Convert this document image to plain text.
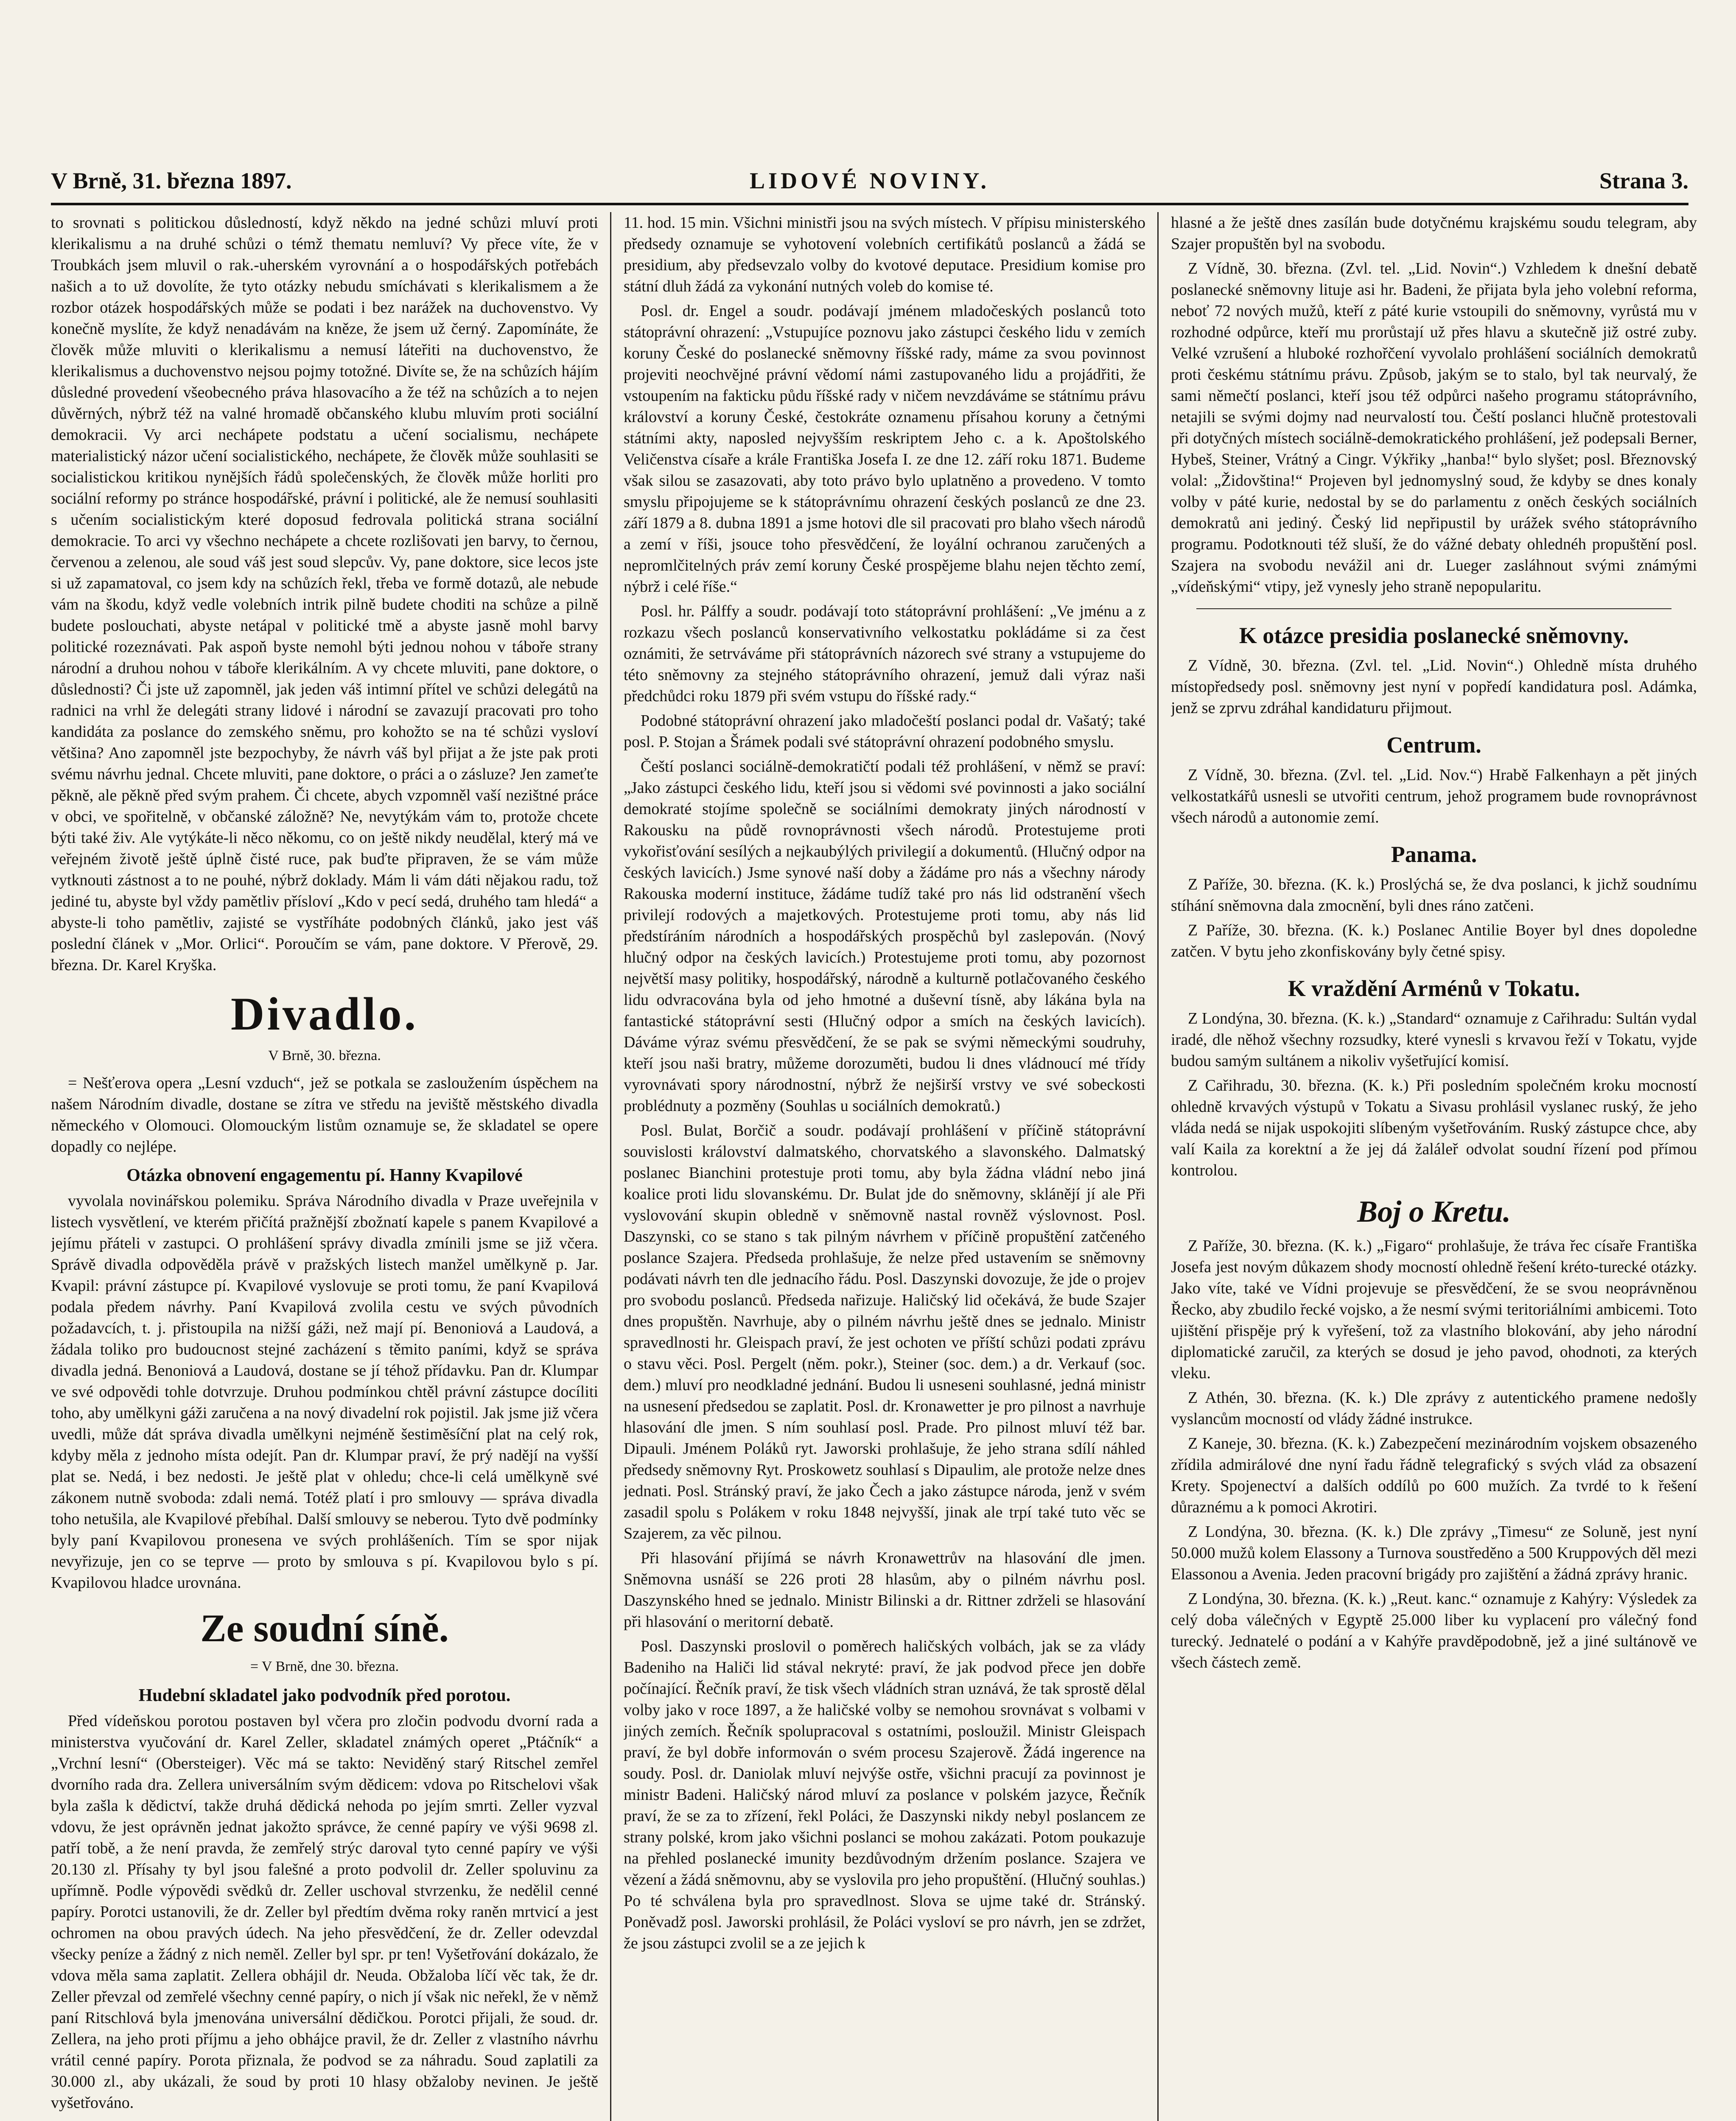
V Brně, 31. března 1897.	LIDOVÉ NOVINY.	Strana 3.

to srovnati s politickou důsledností, když někdo na jedné schůzi mluví proti klerikalismu a na druhé schůzi o témž thematu nemluví? Vy přece víte, že v Troubkách jsem mluvil o rak.-uherském vyrovnání a o hospodářských potřebách našich a to už dovolíte, že tyto otázky nebudu smíchávati s klerikalismem a že rozbor otázek hospodářských může se podati i bez narážek na duchovenstvo. Vy konečně myslíte, že když nenadávám na kněze, že jsem už černý. Zapomínáte, že člověk může mluviti o klerikalismu a nemusí láteřiti na duchovenstvo, že klerikalismus a duchovenstvo nejsou pojmy totožné. Divíte se, že na schůzích hájím důsledné provedení všeobecného práva hlasovacího a že též na schůzích a to nejen důvěrných, nýbrž též na valné hromadě občanského klubu mluvím proti sociální demokracii. Vy arci nechápete podstatu a učení socialismu, nechápete materialistický názor učení socialistického, nechápete, že člověk může souhlasiti se socialistickou kritikou nynějších řádů společenských, že člověk může horliti pro sociální reformy po stránce hospodářské, právní i politické, ale že nemusí souhlasiti s učením socialistickým které doposud fedrovala politická strana sociální demokracie. To arci vy všechno nechápete a chcete rozlišovati jen barvy, to černou, červenou a zelenou, ale soud váš jest soud slepcův. Vy, pane doktore, sice lecos jste si už zapamatoval, co jsem kdy na schůzích řekl, třeba ve formě dotazů, ale nebude vám na škodu, když vedle volebních intrik pilně budete choditi na schůze a pilně budete poslouchati, abyste netápal v politické tmě a abyste jasně mohl barvy politické rozeznávati. Pak aspoň byste nemohl býti jednou nohou v táboře strany národní a druhou nohou v táboře klerikálním. A vy chcete mluviti, pane doktore, o důslednosti? Či jste už zapomněl, jak jeden váš intimní přítel ve schůzi delegátů na radnici na vrhl že delegáti strany lidové i národní se zavazují pracovati pro toho kandidáta za poslance do zemského sněmu, pro kohožto se na té schůzi vysloví většina? Ano zapomněl jste bezpochyby, že návrh váš byl přijat a že jste pak proti svému návrhu jednal. Chcete mluviti, pane doktore, o práci a o zásluze? Jen zameťte pěkně, ale pěkně před svým prahem. Či chcete, abych vzpomněl vaší nezištné práce v obci, ve spořitelně, v občanské záložně? Ne, nevytýkám vám to, protože chcete býti také živ. Ale vytýkáte-li něco někomu, co on ještě nikdy neudělal, který má ve veřejném životě ještě úplně čisté ruce, pak buďte připraven, že se vám může vytknouti zástnost a to ne pouhé, nýbrž doklady. Mám li vám dáti nějakou radu, tož jediné tu, abyste byl vždy pamětliv přísloví „Kdo v pecí sedá, druhého tam hledá“ a abyste-li toho pamětliv, zajisté se vystříháte podobných článků, jako jest váš poslední článek v „Mor. Orlici“. Poroučím se vám, pane doktore. V Přerově, 29. března. Dr. Karel Kryška.

Divadlo.
V Brně, 30. března.

= Nešťerova opera „Lesní vzduch“, jež se potkala se zasloužením úspěchem na našem Národním divadle, dostane se zítra ve středu na jeviště městského divadla německého v Olomouci. Olomouckým listům oznamuje se, že skladatel se opere dopadly co nejlépe.

Otázka obnovení engagementu pí. Hanny Kvapilové

vyvolala novinářskou polemiku. Správa Národního divadla v Praze uveřejnila v listech vysvětlení, ve kterém přičítá pražnější zbožnatí kapele s panem Kvapilové a jejímu přáteli v zastupci. O prohlášení správy divadla zmínili jsme se již včera. Správě divadla odpověděla právě v pražských listech manžel umělkyně p. Jar. Kvapil: právní zástupce pí. Kvapilové vyslovuje se proti tomu, že paní Kvapilová podala předem návrhy. Paní Kvapilová zvolila cestu ve svých původních požadavcích, t. j. přistoupila na nižší gáži, než mají pí. Benoniová a Laudová, a žádala toliko pro budoucnost stejné zacházení s těmito paními, když se správa divadla jedná. Benoniová a Laudová, dostane se jí téhož přídavku. Pan dr. Klumpar ve své odpovědi tohle dotvrzuje. Druhou podmínkou chtěl právní zástupce docíliti toho, aby umělkyni gáži zaručena a na nový divadelní rok pojistil. Jak jsme již včera uvedli, může dát správa divadla umělkyni nejméně šestiměsíční plat na celý rok, kdyby měla z jednoho místa odejít. Pan dr. Klumpar praví, že prý nadějí na vyšší plat se. Nedá, i bez nedosti. Je ještě plat v ohledu; chce-li celá umělkyně své zákonem nutně svoboda: zdali nemá. Totéž platí i pro smlouvy — správa divadla toho netušila, ale Kvapilové přebíhal. Další smlouvy se neberou. Tyto dvě podmínky byly paní Kvapilovou pronesena ve svých prohlášeních. Tím se spor nijak nevyřizuje, jen co se teprve — proto by smlouva s pí. Kvapilovou bylo s pí. Kvapilovou hladce urovnána.

Ze soudní síně.
= V Brně, dne 30. března.
Hudební skladatel jako podvodník před porotou.

Před vídeňskou porotou postaven byl včera pro zločin podvodu dvorní rada a ministerstva vyučování dr. Karel Zeller, skladatel známých operet „Ptáčník“ a „Vrchní lesní“ (Obersteiger). Věc má se takto: Neviděný starý Ritschel zemřel dvorního rada dra. Zellera universálním svým dědicem: vdova po Ritschelovi však byla zašla k dědictví, takže druhá dědická nehoda po jejím smrti. Zeller vyzval vdovu, že jest oprávněn jednat jakožto správce, že cenné papíry ve výši 9698 zl. patří tobě, a že není pravda, že zemřelý strýc daroval tyto cenné papíry ve výši 20.130 zl. Přísahy ty byl jsou falešné a proto podvolil dr. Zeller spoluvinu za upřímně. Podle výpovědi svědků dr. Zeller uschoval stvrzenku, že nedělil cenné papíry. Porotci ustanovili, že dr. Zeller byl předtím dvěma roky raněn mrtvicí a jest ochromen na obou pravých údech. Na jeho přesvědčení, že dr. Zeller odevzdal všecky peníze a žádný z nich neměl. Zeller byl spr. pr ten! Vyšetřování dokázalo, že vdova měla sama zaplatit. Zellera obhájil dr. Neuda. Obžaloba líčí věc tak, že dr. Zeller převzal od zemřelé všechny cenné papíry, o nich jí však nic neřekl, že v němž paní Ritschlová byla jmenována universální dědičkou. Porotci přijali, že soud. dr. Zellera, na jeho proti příjmu a jeho obhájce pravil, že dr. Zeller z vlastního návrhu vrátil cenné papíry. Porota přiznala, že podvod se za náhradu. Soud zaplatili za 30.000 zl., aby ukázali, že soud by proti 10 hlasy obžaloby nevinen. Je ještě vyšetřováno.

11. hod. 15 min. Všichni ministři jsou na svých místech. V přípisu ministerského předsedy oznamuje se vyhotovení volebních certifikátů poslanců a žádá se presidium, aby předsevzalo volby do kvotové deputace. Presidium komise pro státní dluh žádá za vykonání nutných voleb do komise té.

Posl. dr. Engel a soudr. podávají jménem mladočeských poslanců toto státoprávní ohrazení: „Vstupujíce poznovu jako zástupci českého lidu v zemích koruny České do poslanecké sněmovny říšské rady, máme za svou povinnost projeviti neochvějné právní vědomí námi zastupovaného lidu a projádřiti, že vstoupením na fakticku půdu říšské rady v ničem nevzdáváme se státnímu právu království a koruny České, čestokráte oznamenu přísahou koruny a četnými státními akty, naposled nejvyšším reskriptem Jeho c. a k. Apoštolského Veličenstva císaře a krále Františka Josefa I. ze dne 12. září roku 1871. Budeme však silou se zasazovati, aby toto právo bylo uplatněno a provedeno. V tomto smyslu připojujeme se k státoprávnímu ohrazení českých poslanců ze dne 23. září 1879 a 8. dubna 1891 a jsme hotovi dle sil pracovati pro blaho všech národů a zemí v říši, jsouce toho přesvědčení, že loyální ochranou zaručených a nepromlčitelných práv zemí koruny České prospějeme blahu nejen těchto zemí, nýbrž i celé říše.“

Posl. hr. Pálffy a soudr. podávají toto státoprávní prohlášení: „Ve jménu a z rozkazu všech poslanců konservativního velkostatku pokládáme si za čest oznámiti, že setrváváme při státoprávních názorech své strany a vstupujeme do této sněmovny za stejného státoprávního ohrazení, jemuž dali výraz naši předchůdci roku 1879 při svém vstupu do říšské rady.“

Podobné státoprávní ohrazení jako mladočeští poslanci podal dr. Vašatý; také posl. P. Stojan a Šrámek podali své státoprávní ohrazení podobného smyslu.

Čeští poslanci sociálně-demokratičtí podali též prohlášení, v němž se praví: „Jako zástupci českého lidu, kteří jsou si vědomi své povinnosti a jako sociální demokraté stojíme společně se sociálními demokraty jiných národností v Rakousku na půdě rovnoprávnosti všech národů. Protestujeme proti vykořisťování sesílých a nejkaubýlých privilegií a dokumentů. (Hlučný odpor na českých lavicích.) Jsme synové naší doby a žádáme pro nás a všechny národy Rakouska moderní instituce, žádáme tudíž také pro nás lid odstranění všech privilejí rodových a majetkových. Protestujeme proti tomu, aby nás lid předstíráním národních a hospodářských prospěchů byl zaslepován. (Nový hlučný odpor na českých lavicích.) Protestujeme proti tomu, aby pozornost největší masy politiky, hospodářský, národně a kulturně potlačovaného českého lidu odvracována byla od jeho hmotné a duševní tísně, aby lákána byla na fantastické státoprávní sesti (Hlučný odpor a smích na českých lavicích). Dáváme výraz svému přesvědčení, že se pak se svými německými soudruhy, kteří jsou naši bratry, můžeme dorozuměti, budou li dnes vládnoucí mé třídy vyrovnávati spory národnostní, nýbrž že nejširší vrstvy ve své sobeckosti problédnuty a pozměny (Souhlas u sociálních demokratů.)

Posl. Bulat, Borčič a soudr. podávají prohlášení v příčině státoprávní souvislosti království dalmatského, chorvatského a slavonského. Dalmatský poslanec Bianchini protestuje proti tomu, aby byla žádna vládní nebo jiná koalice proti lidu slovanskému. Dr. Bulat jde do sněmovny, sklánějí jí ale Při vyslovování skupin obledně v sněmovně nastal rovněž výslovnost. Posl. Daszynski, co se stano s tak pilným návrhem v příčině propuštění zatčeného poslance Szajera. Předseda prohlašuje, že nelze před ustavením se sněmovny podávati návrh ten dle jednacího řádu. Posl. Daszynski dovozuje, že jde o projev pro svobodu poslanců. Předseda nařizuje. Haličský lid očekává, že bude Szajer dnes propuštěn. Navrhuje, aby o pilném návrhu ještě dnes se jednalo. Ministr spravedlnosti hr. Gleispach praví, že jest ochoten ve příští schůzi podati zprávu o stavu věci. Posl. Pergelt (něm. pokr.), Steiner (soc. dem.) a dr. Verkauf (soc. dem.) mluví pro neodkladné jednání. Budou li usneseni souhlasné, jedná ministr na usnesení předsedou se zaplatit. Posl. dr. Kronawetter je pro pilnost a navrhuje hlasování dle jmen. S ním souhlasí posl. Prade. Pro pilnost mluví též bar. Dipauli. Jménem Poláků ryt. Jaworski prohlašuje, že jeho strana sdílí náhled předsedy sněmovny Ryt. Proskowetz souhlasí s Dipaulim, ale protože nelze dnes jednati. Posl. Stránský praví, že jako Čech a jako zástupce národa, jenž v svém zasadil spolu s Polákem v roku 1848 nejvyšší, jinak ale trpí také tuto věc se Szajerem, za věc pilnou.

Při hlasování přijímá se návrh Kronawettrův na hlasování dle jmen. Sněmovna usnáší se 226 proti 28 hlasům, aby o pilném návrhu posl. Daszynského hned se jednalo. Ministr Bilinski a dr. Rittner zdrželi se hlasování při hlasování o meritorní debatě.

Posl. Daszynski proslovil o poměrech haličských volbách, jak se za vlády Badeniho na Haliči lid stával nekryté: praví, že jak podvod přece jen dobře počínající. Řečník praví, že tisk všech vládních stran uznává, že tak sprostě dělal volby jako v roce 1897, a že haličské volby se nemohou srovnávat s volbami v jiných zemích. Řečník spolupracoval s ostatními, posloužil. Ministr Gleispach praví, že byl dobře informován o svém procesu Szajerově. Žádá ingerence na soudy. Posl. dr. Daniolak mluví nejvýše ostře, všichni pracují za povinnost je ministr Badeni. Haličský národ mluví za poslance v polském jazyce, Řečník praví, že se za to zřízení, řekl Poláci, že Daszynski nikdy nebyl poslancem ze strany polské, krom jako všichni poslanci se mohou zakázati. Potom poukazuje na přehled poslanecké imunity bezdůvodným držením poslance. Szajera ve vězení a žádá sněmovnu, aby se vyslovila pro jeho propuštění. (Hlučný souhlas.) Po té schválena byla pro spravedlnost. Slova se ujme také dr. Stránský. Poněvadž posl. Jaworski prohlásil, že Poláci vysloví se pro návrh, jen se zdržet, že jsou zástupci zvolil se a ze jejich k

hlasné a že ještě dnes zasílán bude dotyčnému krajskému soudu telegram, aby Szajer propuštěn byl na svobodu.

Z Vídně, 30. března. (Zvl. tel. „Lid. Novin“.) Vzhledem k dnešní debatě poslanecké sněmovny lituje asi hr. Badeni, že přijata byla jeho volební reforma, neboť 72 nových mužů, kteří z páté kurie vstoupili do sněmovny, vyrůstá mu v rozhodné odpůrce, kteří mu prorůstají už přes hlavu a skutečně již ostré zuby. Velké vzrušení a hluboké rozhořčení vyvolalo prohlášení sociálních demokratů proti českému státnímu právu. Způsob, jakým se to stalo, byl tak neurvalý, že sami němečtí poslanci, kteří jsou též odpůrci našeho programu státoprávního, netajili se svými dojmy nad neurvalostí tou. Čeští poslanci hlučně protestovali při dotyčných místech sociálně-demokratického prohlášení, jež podepsali Berner, Hybeš, Steiner, Vrátný a Cingr. Výkřiky „hanba!“ bylo slyšet; posl. Březnovský volal: „Židovština!“ Projeven byl jednomyslný soud, že kdyby se dnes konaly volby v páté kurie, nedostal by se do parlamentu z oněch českých sociálních demokratů ani jediný. Český lid nepřipustil by urážek svého státoprávního programu. Podotknouti též sluší, že do vážné debaty ohlednéh propuštění posl. Szajera na svobodu nevážil ani dr. Lueger zasláhnout svými známými „vídeňskými“ vtipy, jež vynesly jeho straně nepopularitu.

K otázce presidia poslanecké sněmovny.

Z Vídně, 30. března. (Zvl. tel. „Lid. Novin“.) Ohledně místa druhého místopředsedy posl. sněmovny jest nyní v popředí kandidatura posl. Adámka, jenž se zprvu zdráhal kandidaturu přijmout.

Centrum.

Z Vídně, 30. března. (Zvl. tel. „Lid. Nov.“) Hrabě Falkenhayn a pět jiných velkostatkářů usnesli se utvořiti centrum, jehož programem bude rovnoprávnost všech národů a autonomie zemí.

Panama.

Z Paříže, 30. března. (K. k.) Proslýchá se, že dva poslanci, k jichž soudnímu stíhání sněmovna dala zmocnění, byli dnes ráno zatčeni.

Z Paříže, 30. března. (K. k.) Poslanec Antilie Boyer byl dnes dopoledne zatčen. V bytu jeho zkonfiskovány byly četné spisy.

K vraždění Arménů v Tokatu.

Z Londýna, 30. března. (K. k.) „Standard“ oznamuje z Cařihradu: Sultán vydal iradé, dle něhož všechny rozsudky, které vynesli s krvavou řeží v Tokatu, vyjde budou samým sultánem a nikoliv vyšetřující komisí.

Z Cařihradu, 30. března. (K. k.) Při posledním společném kroku mocností ohledně krvavých výstupů v Tokatu a Sivasu prohlásil vyslanec ruský, že jeho vláda nedá se nijak uspokojiti slíbeným vyšetřováním. Ruský zástupce chce, aby valí Kaila za korektní a že jej dá žaláleř odvolat soudní řízení pod přímou kontrolou.

Boj o Kretu.

Z Paříže, 30. března. (K. k.) „Figaro“ prohlašuje, že tráva řec císaře Františka Josefa jest novým důkazem shody mocností ohledně řešení kréto-turecké otázky. Jako víte, také ve Vídni projevuje se přesvědčení, že se svou neoprávněnou Řecko, aby zbudilo řecké vojsko, a že nesmí svými teritoriálními ambicemi. Toto ujištění přispěje prý k vyřešení, tož za vlastního blokování, aby jeho národní diplomatické zaručil, za kterých se dosud je jeho pavod, ohodnoti, za kterých vleku.

Z Athén, 30. března. (K. k.) Dle zprávy z autentického pramene nedošly vyslancům mocností od vlády žádné instrukce.

Z Kaneje, 30. března. (K. k.) Zabezpečení mezinárodním vojskem obsazeného zřídila admirálové dne nyní řadu řádně telegrafický s svých vlád za obsazení Krety. Spojenectví a dalších oddílů po 600 mužích. Za tvrdé to k řešení důraznému a k pomoci Akrotiri.

Z Londýna, 30. března. (K. k.) Dle zprávy „Timesu“ ze Soluně, jest nyní 50.000 mužů kolem Elassony a Turnova soustředěno a 500 Kruppových děl mezi Elassonou a Avenia. Jeden pracovní brigády pro zajištění a žádná zprávy hranic.

Z Londýna, 30. března. (K. k.) „Reut. kanc.“ oznamuje z Kahýry: Výsledek za celý doba válečných v Egyptě 25.000 liber ku vyplacení pro válečný fond turecký. Jednatelé o podání a v Kahýře pravděpodobně, jež a jiné sultánově ve všech částech země.
